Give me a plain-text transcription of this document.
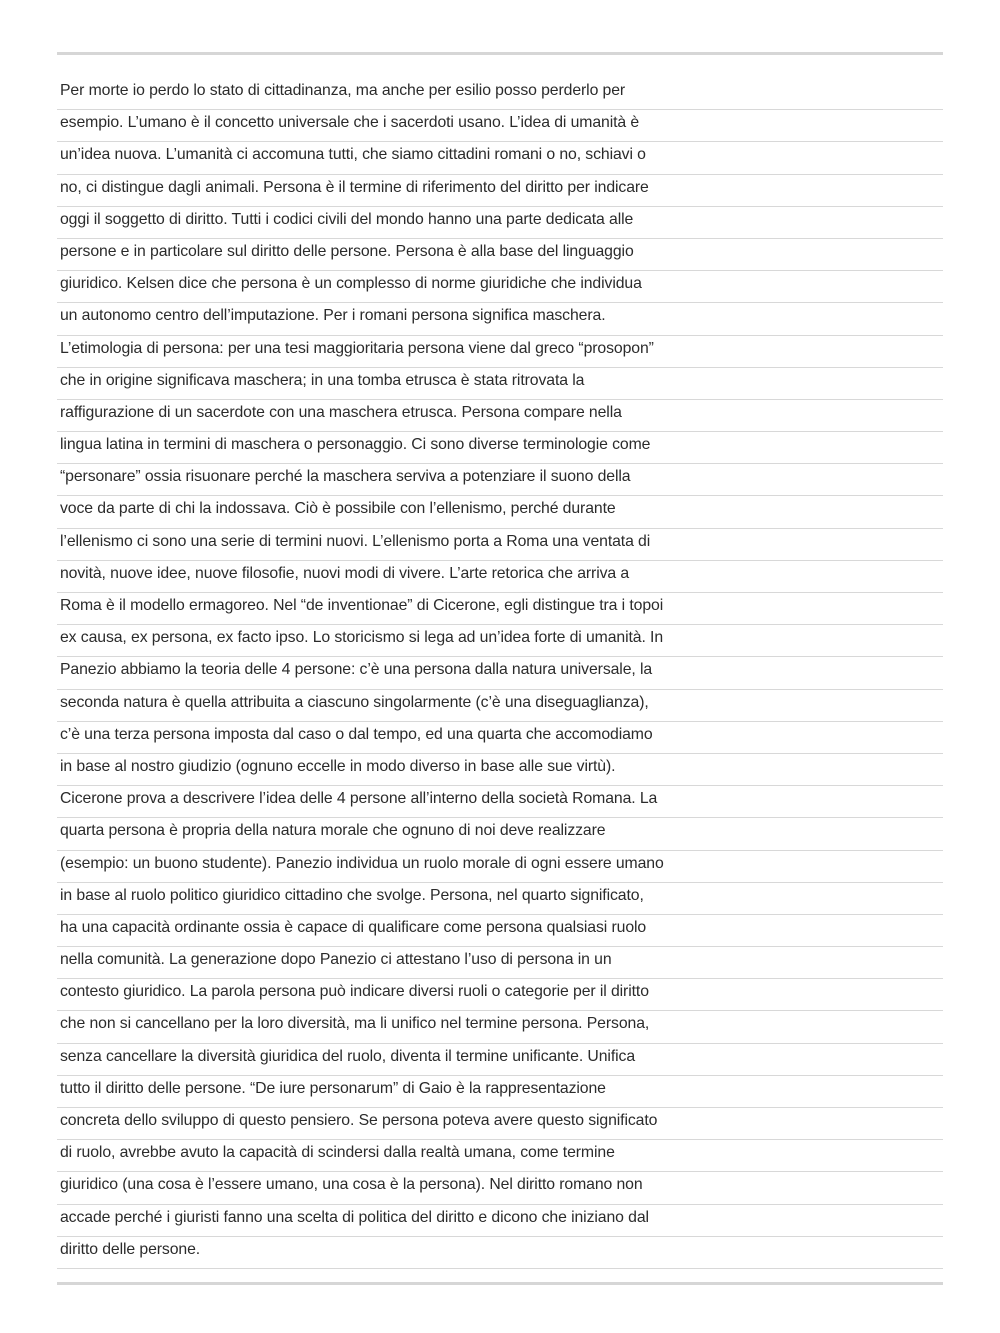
Per morte io perdo lo stato di cittadinanza, ma anche per esilio posso perderlo per
esempio. L’umano è il concetto universale che i sacerdoti usano. L’idea di umanità è
un’idea nuova. L’umanità ci accomuna tutti, che siamo cittadini romani o no, schiavi o
no, ci distingue dagli animali. Persona è il termine di riferimento del diritto per indicare
oggi il soggetto di diritto. Tutti i codici civili del mondo hanno una parte dedicata alle
persone e in particolare sul diritto delle persone. Persona è alla base del linguaggio
giuridico. Kelsen dice che persona è un complesso di norme giuridiche che individua
un autonomo centro dell’imputazione. Per i romani persona significa maschera.
L’etimologia di persona: per una tesi maggioritaria persona viene dal greco “prosopon”
che in origine significava maschera; in una tomba etrusca è stata ritrovata la
raffigurazione di un sacerdote con una maschera etrusca. Persona compare nella
lingua latina in termini di maschera o personaggio. Ci sono diverse terminologie come
“personare” ossia risuonare perché la maschera serviva a potenziare il suono della
voce da parte di chi la indossava. Ciò è possibile con l’ellenismo, perché durante
l’ellenismo ci sono una serie di termini nuovi. L’ellenismo porta a Roma una ventata di
novità, nuove idee, nuove filosofie, nuovi modi di vivere. L’arte retorica che arriva a
Roma è il modello ermagoreo. Nel “de inventionae” di Cicerone, egli distingue tra i topoi
ex causa, ex persona, ex facto ipso. Lo storicismo si lega ad un’idea forte di umanità. In
Panezio abbiamo la teoria delle 4 persone: c’è una persona dalla natura universale, la
seconda natura è quella attribuita a ciascuno singolarmente (c’è una diseguaglianza),
c’è una terza persona imposta dal caso o dal tempo, ed una quarta che accomodiamo
in base al nostro giudizio (ognuno eccelle in modo diverso in base alle sue virtù).
Cicerone prova a descrivere l’idea delle 4 persone all’interno della società Romana. La
quarta persona è propria della natura morale che ognuno di noi deve realizzare
(esempio: un buono studente). Panezio individua un ruolo morale di ogni essere umano
in base al ruolo politico giuridico cittadino che svolge. Persona, nel quarto significato,
ha una capacità ordinante ossia è capace di qualificare come persona qualsiasi ruolo
nella comunità. La generazione dopo Panezio ci attestano l’uso di persona in un
contesto giuridico. La parola persona può indicare diversi ruoli o categorie per il diritto
che non si cancellano per la loro diversità, ma li unifico nel termine persona. Persona,
senza cancellare la diversità giuridica del ruolo, diventa il termine unificante. Unifica
tutto il diritto delle persone. “De iure personarum” di Gaio è la rappresentazione
concreta dello sviluppo di questo pensiero. Se persona poteva avere questo significato
di ruolo, avrebbe avuto la capacità di scindersi dalla realtà umana, come termine
giuridico (una cosa è l’essere umano, una cosa è la persona). Nel diritto romano non
accade perché i giuristi fanno una scelta di politica del diritto e dicono che iniziano dal
diritto delle persone.
